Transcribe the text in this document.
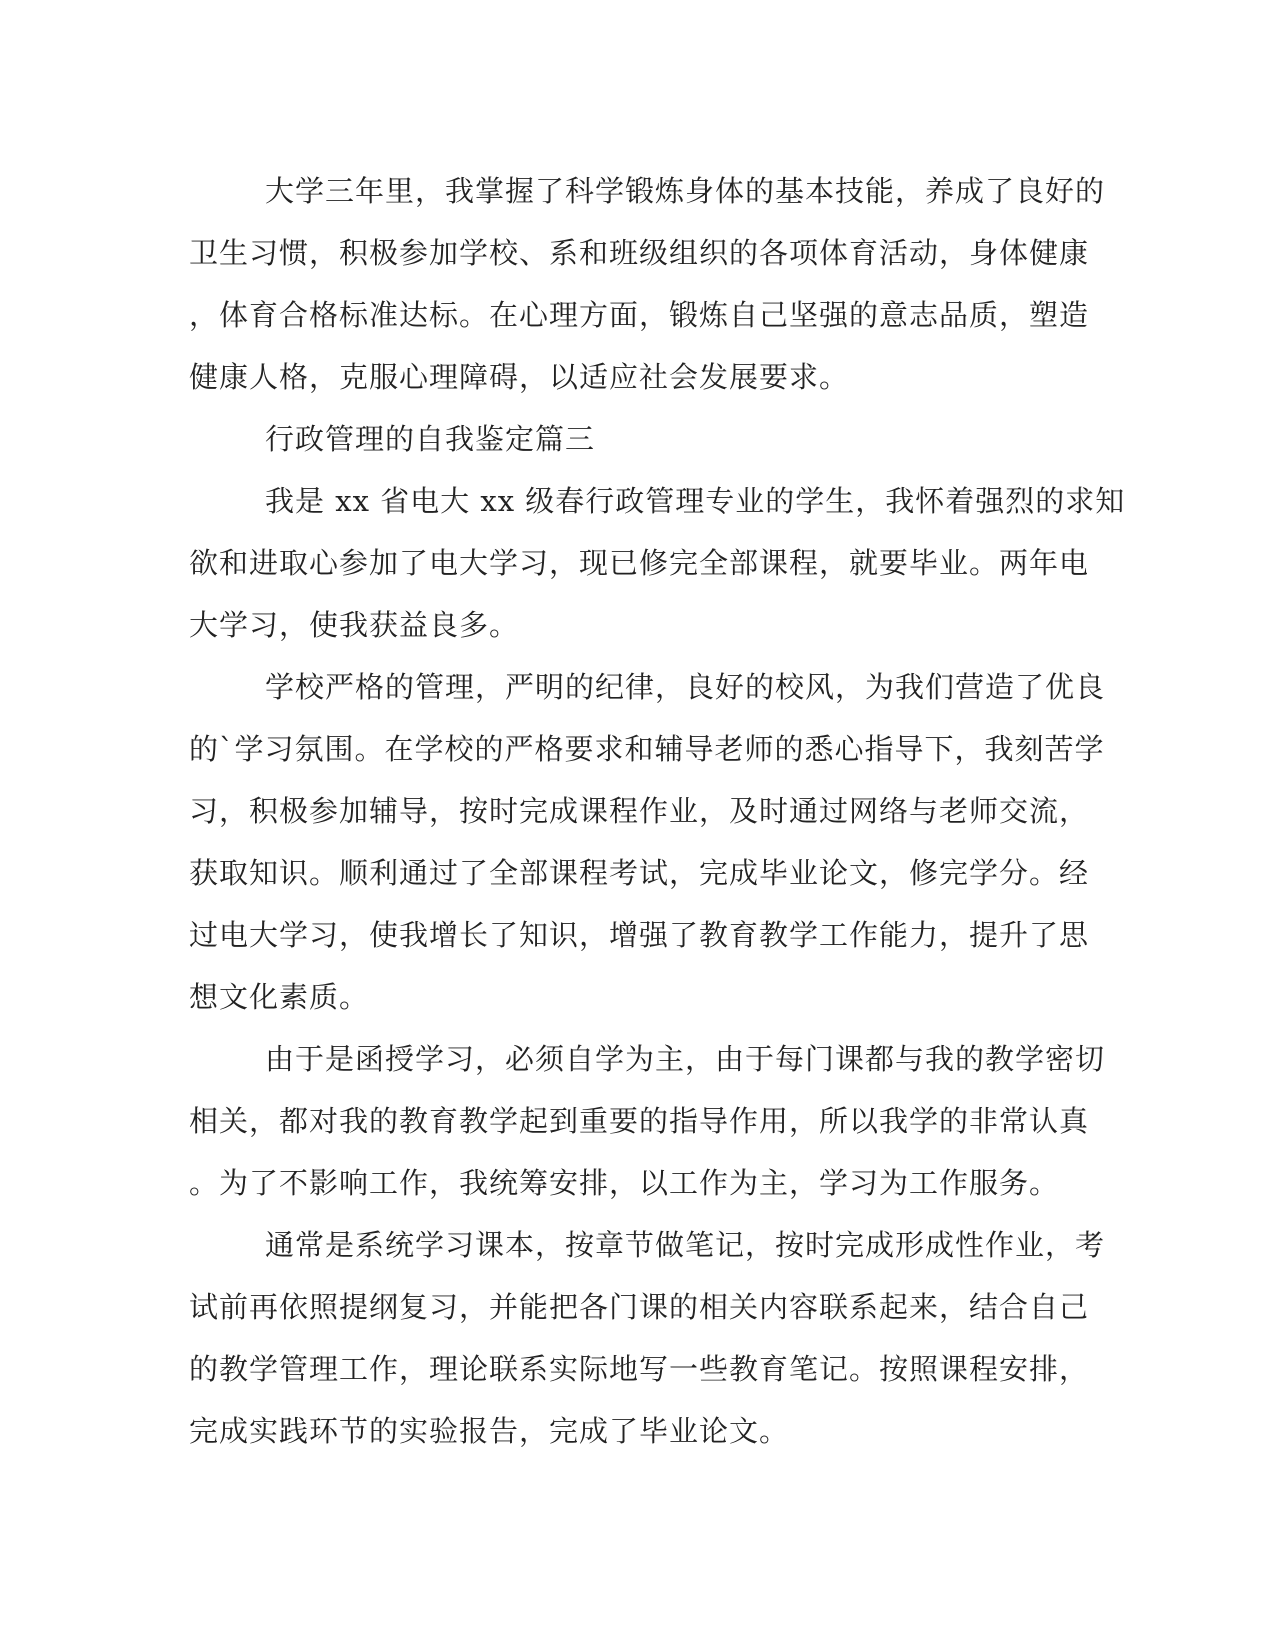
大学三年里，我掌握了科学锻炼身体的基本技能，养成了良好的
卫生习惯，积极参加学校、系和班级组织的各项体育活动，身体健康
，体育合格标准达标。在心理方面，锻炼自己坚强的意志品质，塑造
健康人格，克服心理障碍，以适应社会发展要求。
行政管理的自我鉴定篇三
我是 xx 省电大 xx 级春行政管理专业的学生，我怀着强烈的求知
欲和进取心参加了电大学习，现已修完全部课程，就要毕业。两年电
大学习，使我获益良多。
学校严格的管理，严明的纪律，良好的校风，为我们营造了优良
的`学习氛围。在学校的严格要求和辅导老师的悉心指导下，我刻苦学
习，积极参加辅导，按时完成课程作业，及时通过网络与老师交流，
获取知识。顺利通过了全部课程考试，完成毕业论文，修完学分。经
过电大学习，使我增长了知识，增强了教育教学工作能力，提升了思
想文化素质。
由于是函授学习，必须自学为主，由于每门课都与我的教学密切
相关，都对我的教育教学起到重要的指导作用，所以我学的非常认真
。为了不影响工作，我统筹安排，以工作为主，学习为工作服务。
通常是系统学习课本，按章节做笔记，按时完成形成性作业，考
试前再依照提纲复习，并能把各门课的相关内容联系起来，结合自己
的教学管理工作，理论联系实际地写一些教育笔记。按照课程安排，
完成实践环节的实验报告，完成了毕业论文。
